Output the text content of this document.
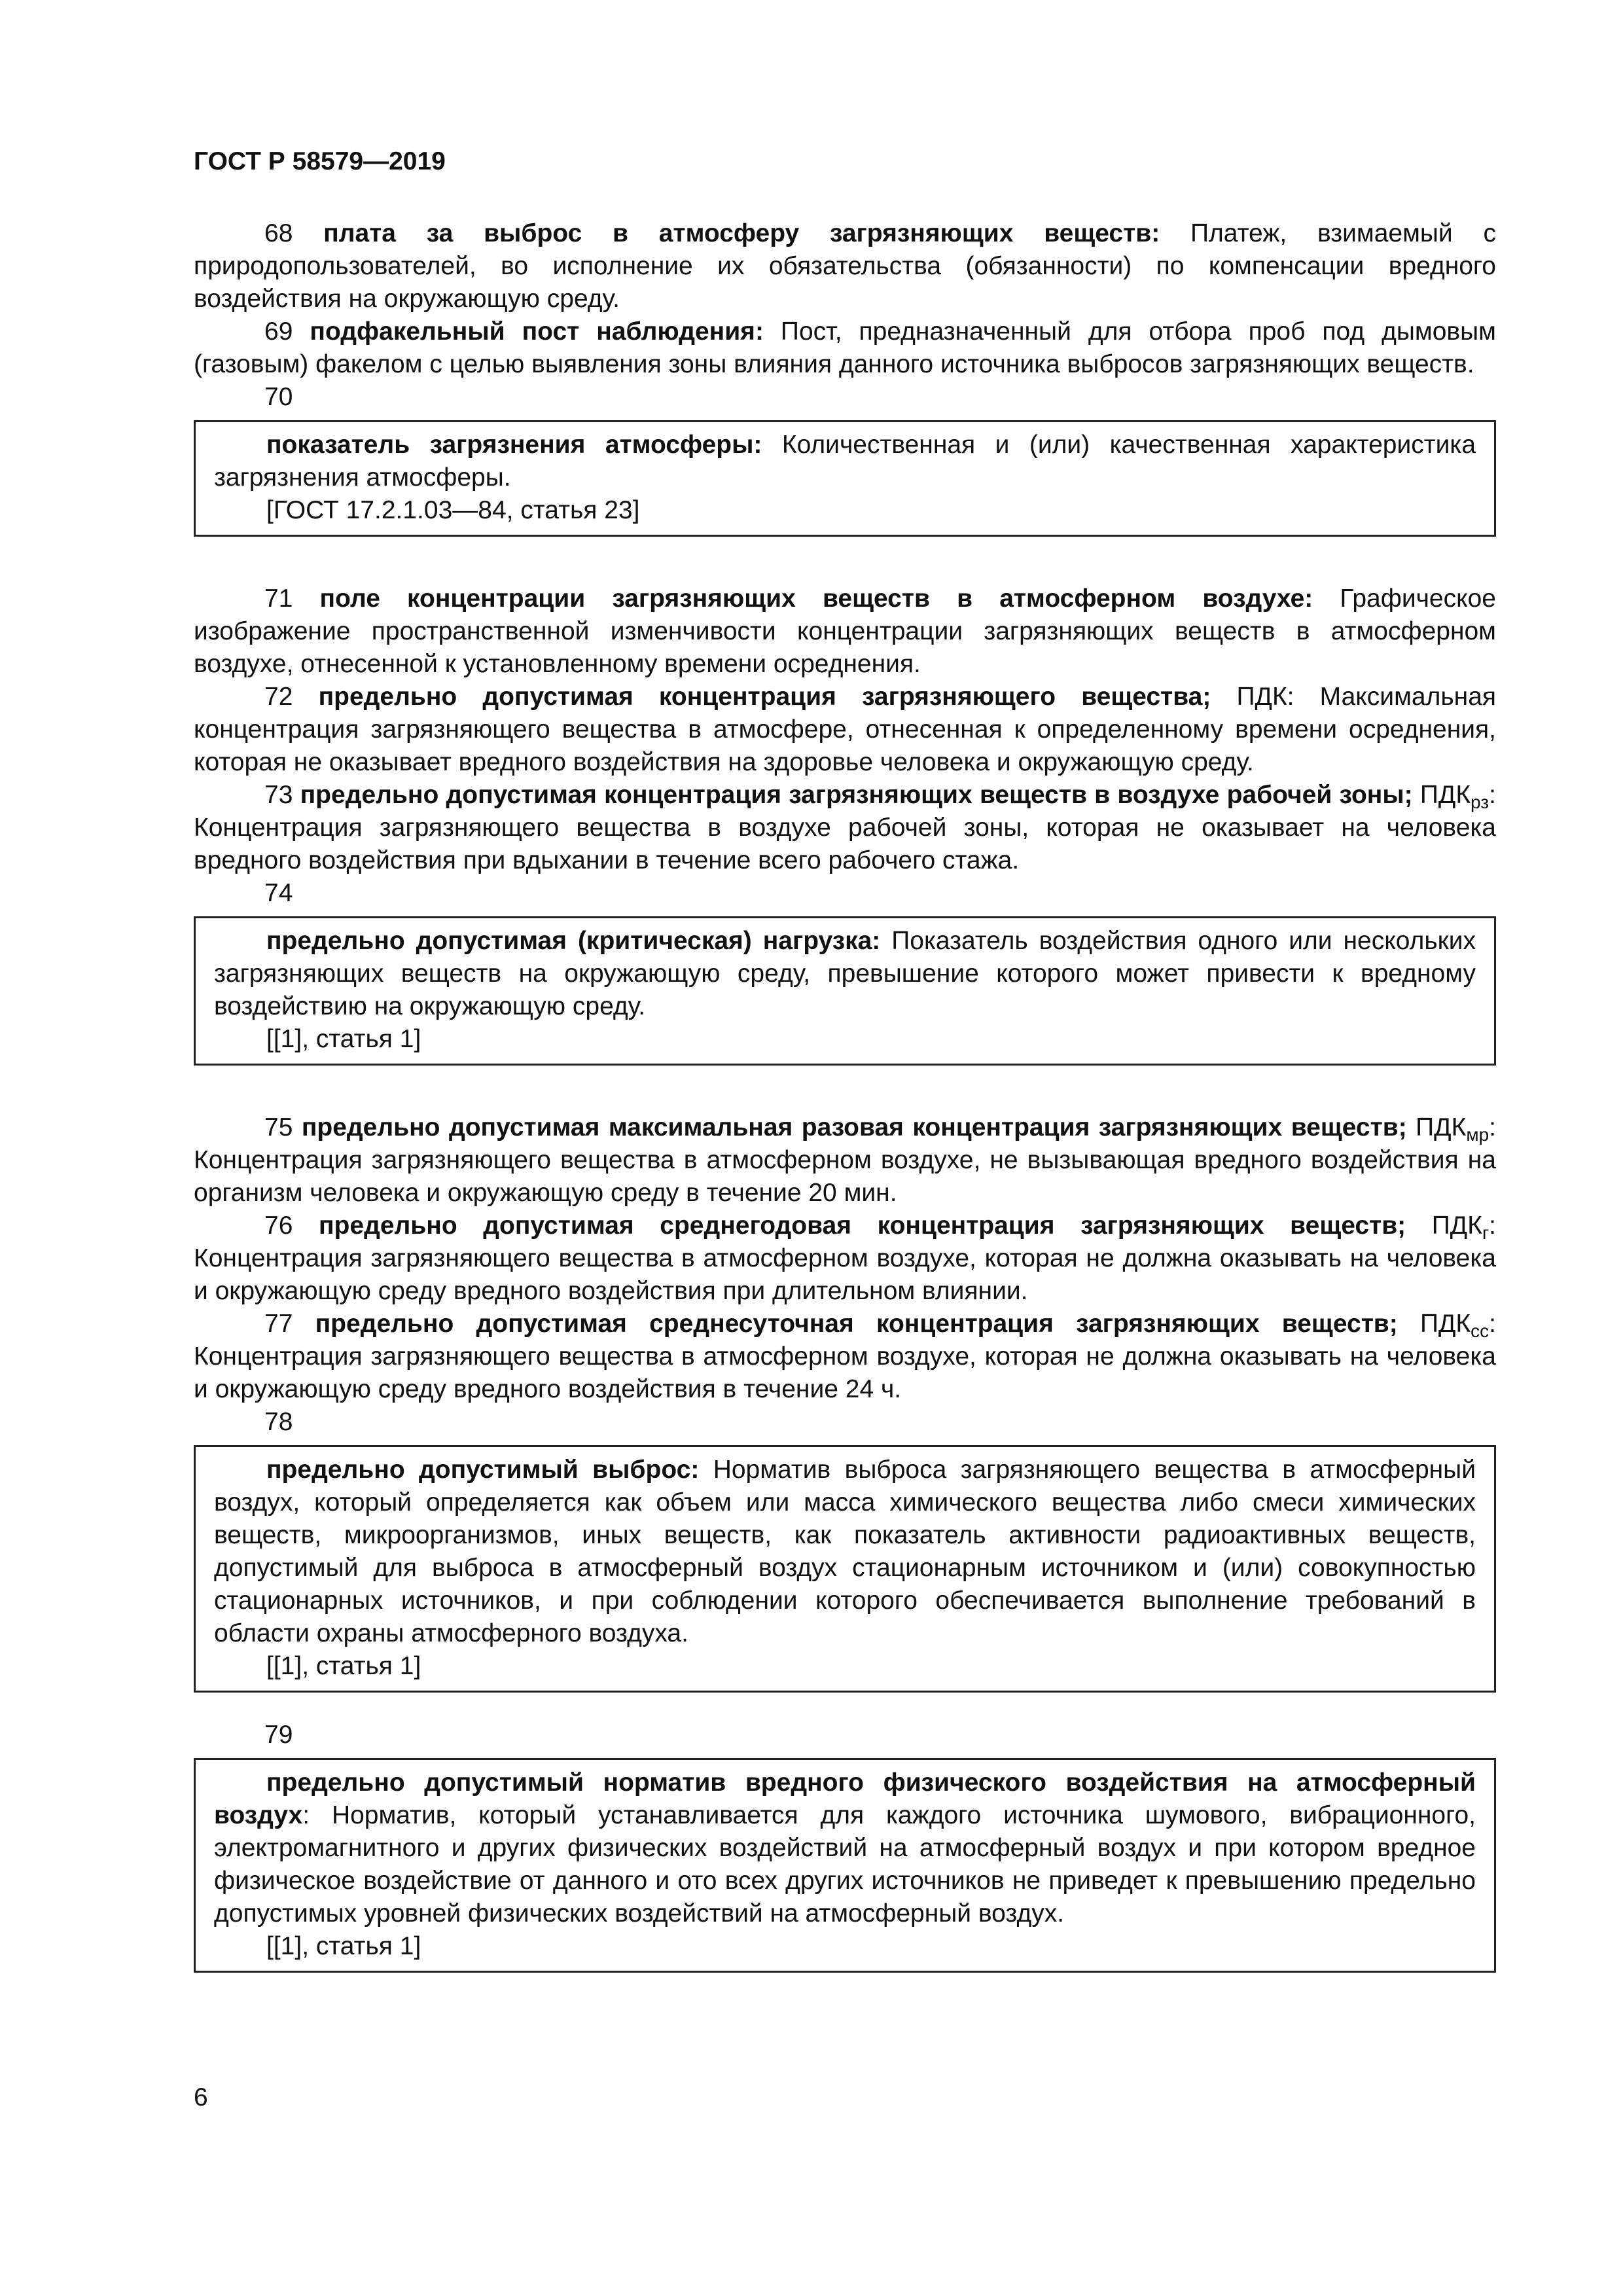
ГОСТ Р 58579—2019

68 плата за выброс в атмосферу загрязняющих веществ: Платеж, взимаемый с природопользователей, во исполнение их обязательства (обязанности) по компенсации вредного воздействия на окружающую среду.

69 подфакельный пост наблюдения: Пост, предназначенный для отбора проб под дымовым (газовым) факелом с целью выявления зоны влияния данного источника выбросов загрязняющих веществ.

70

показатель загрязнения атмосферы: Количественная и (или) качественная характеристика загрязнения атмосферы.

[ГОСТ 17.2.1.03—84, статья 23]

71 поле концентрации загрязняющих веществ в атмосферном воздухе: Графическое изображение пространственной изменчивости концентрации загрязняющих веществ в атмосферном воздухе, отнесенной к установленному времени осреднения.

72 предельно допустимая концентрация загрязняющего вещества; ПДК: Максимальная концентрация загрязняющего вещества в атмосфере, отнесенная к определенному времени осреднения, которая не оказывает вредного воздействия на здоровье человека и окружающую среду.

73 предельно допустимая концентрация загрязняющих веществ в воздухе рабочей зоны; $ПДК_{рз}$: Концентрация загрязняющего вещества в воздухе рабочей зоны, которая не оказывает на человека вредного воздействия при вдыхании в течение всего рабочего стажа.

74

предельно допустимая (критическая) нагрузка: Показатель воздействия одного или нескольких загрязняющих веществ на окружающую среду, превышение которого может привести к вредному воздействию на окружающую среду.

[[1], статья 1]

75 предельно допустимая максимальная разовая концентрация загрязняющих веществ; $ПДК_{мр}$: Концентрация загрязняющего вещества в атмосферном воздухе, не вызывающая вредного воздействия на организм человека и окружающую среду в течение 20 мин.

76 предельно допустимая среднегодовая концентрация загрязняющих веществ; $ПДК_г$: Концентрация загрязняющего вещества в атмосферном воздухе, которая не должна оказывать на человека и окружающую среду вредного воздействия при длительном влиянии.

77 предельно допустимая среднесуточная концентрация загрязняющих веществ; $ПДК_{сс}$: Концентрация загрязняющего вещества в атмосферном воздухе, которая не должна оказывать на человека и окружающую среду вредного воздействия в течение 24 ч.

78

предельно допустимый выброс: Норматив выброса загрязняющего вещества в атмосферный воздух, который определяется как объем или масса химического вещества либо смеси химических веществ, микроорганизмов, иных веществ, как показатель активности радиоактивных веществ, допустимый для выброса в атмосферный воздух стационарным источником и (или) совокупностью стационарных источников, и при соблюдении которого обеспечивается выполнение требований в области охраны атмосферного воздуха.

[[1], статья 1]

79

предельно допустимый норматив вредного физического воздействия на атмосферный воздух: Норматив, который устанавливается для каждого источника шумового, вибрационного, электромагнитного и других физических воздействий на атмосферный воздух и при котором вредное физическое воздействие от данного и ото всех других источников не приведет к превышению предельно допустимых уровней физических воздействий на атмосферный воздух.

[[1], статья 1]

6
